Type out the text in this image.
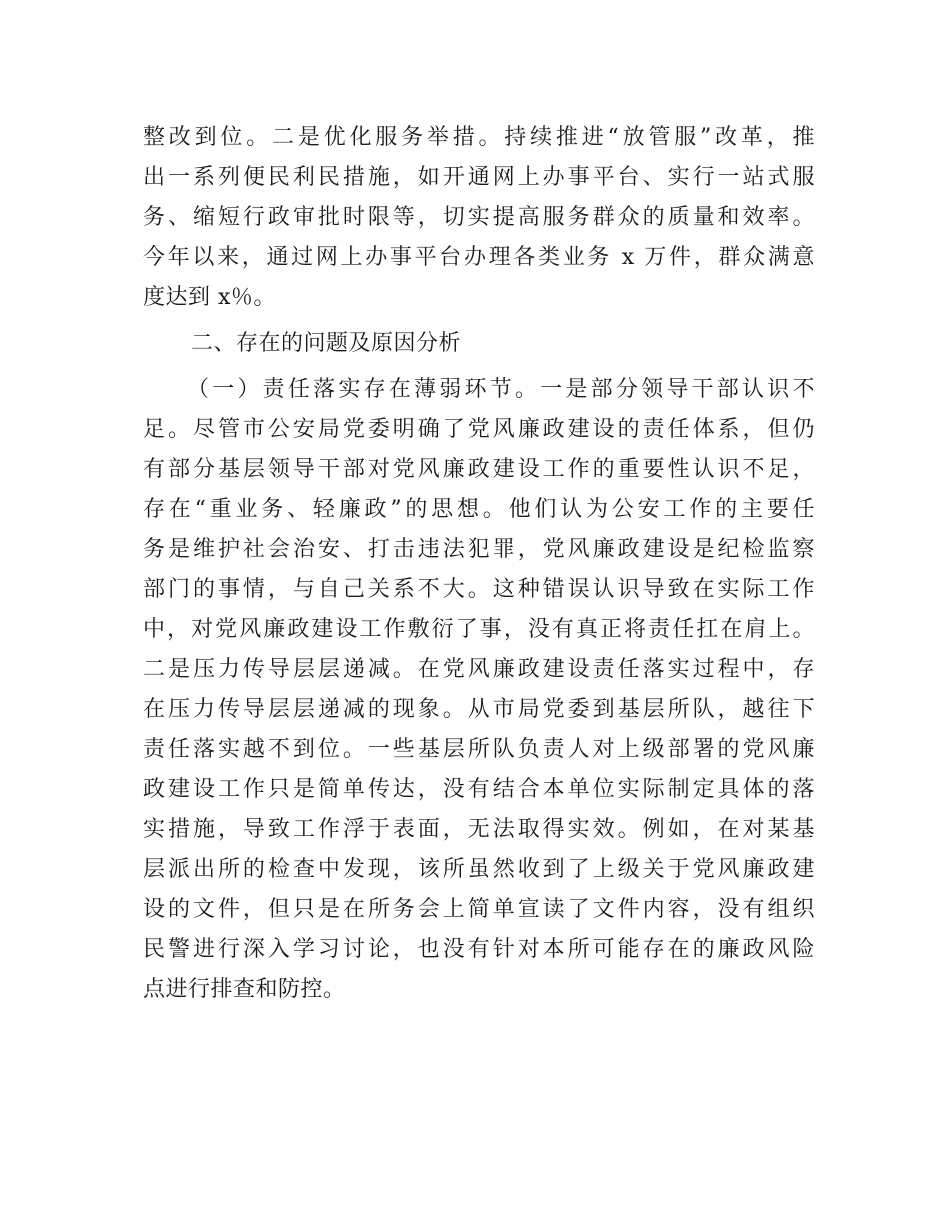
整改到位。二是优化服务举措。持续推进“放管服”改革，推
出一系列便民利民措施，如开通网上办事平台、实行一站式服
务、缩短行政审批时限等，切实提高服务群众的质量和效率。
今年以来，通过网上办事平台办理各类业务 x 万件，群众满意
度达到 x％。
二、存在的问题及原因分析
（一）责任落实存在薄弱环节。一是部分领导干部认识不
足。尽管市公安局党委明确了党风廉政建设的责任体系，但仍
有部分基层领导干部对党风廉政建设工作的重要性认识不足，
存在“重业务、轻廉政”的思想。他们认为公安工作的主要任
务是维护社会治安、打击违法犯罪，党风廉政建设是纪检监察
部门的事情，与自己关系不大。这种错误认识导致在实际工作
中，对党风廉政建设工作敷衍了事，没有真正将责任扛在肩上。
二是压力传导层层递减。在党风廉政建设责任落实过程中，存
在压力传导层层递减的现象。从市局党委到基层所队，越往下
责任落实越不到位。一些基层所队负责人对上级部署的党风廉
政建设工作只是简单传达，没有结合本单位实际制定具体的落
实措施，导致工作浮于表面，无法取得实效。例如，在对某基
层派出所的检查中发现，该所虽然收到了上级关于党风廉政建
设的文件，但只是在所务会上简单宣读了文件内容，没有组织
民警进行深入学习讨论，也没有针对本所可能存在的廉政风险
点进行排查和防控。
